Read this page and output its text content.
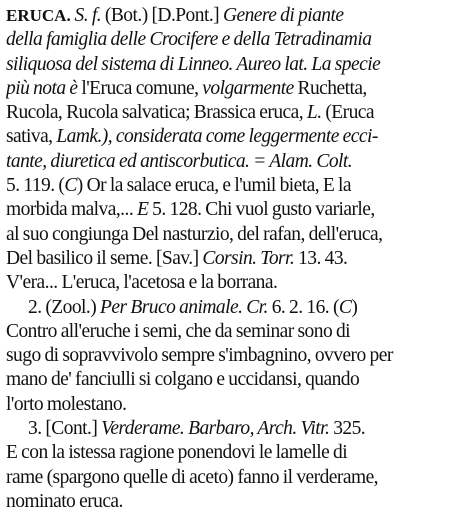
ERUCA. S. f. (Bot.) [D.Pont.] Genere di piante
della famiglia delle Crocifere e della Tetradinamia
siliquosa del sistema di Linneo. Aureo lat. La specie
più nota è l'Eruca comune, volgarmente Ruchetta,
Rucola, Rucola salvatica; Brassica eruca, L. (Eruca
sativa, Lamk.), considerata come leggermente ecci-
tante, diuretica ed antiscorbutica. = Alam. Colt.
5. 119. (C) Or la salace eruca, e l'umil bieta, E la
morbida malva,... E 5. 128. Chi vuol gusto variarle,
al suo congiunga Del nasturzio, del rafan, dell'eruca,
Del basilico il seme. [Sav.] Corsin. Torr. 13. 43.
V'era... L'eruca, l'acetosa e la borrana.
2. (Zool.) Per Bruco animale. Cr. 6. 2. 16. (C)
Contro all'eruche i semi, che da seminar sono di
sugo di sopravvivolo sempre s'imbagnino, ovvero per
mano de' fanciulli si colgano e uccidansi, quando
l'orto molestano.
3. [Cont.] Verderame. Barbaro, Arch. Vitr. 325.
E con la istessa ragione ponendovi le lamelle di
rame (spargono quelle di aceto) fanno il verderame,
nominato eruca.
